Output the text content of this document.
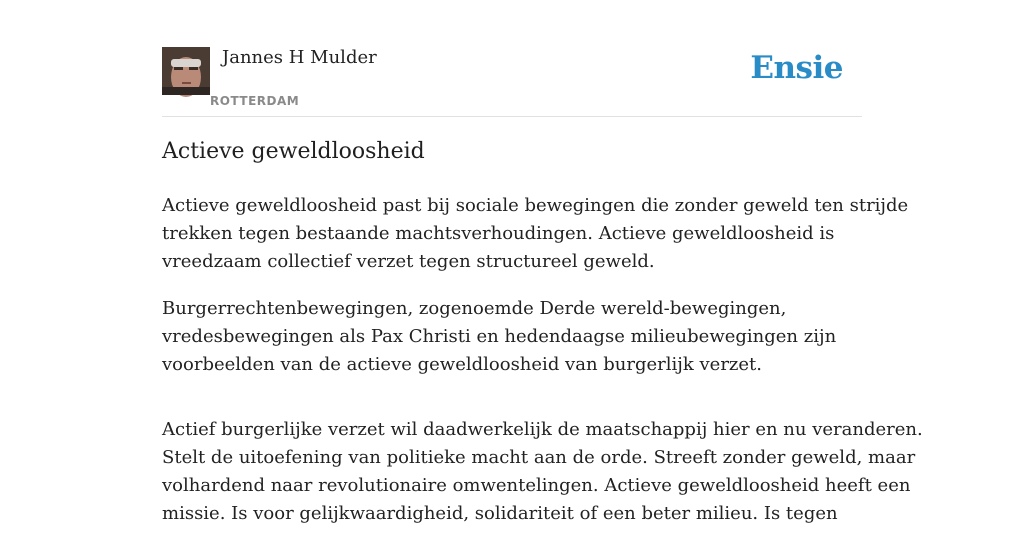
Jannes H Mulder
ROTTERDAM
Ensie
Actieve geweldloosheid

Actieve geweldloosheid past bij sociale bewegingen die zonder geweld ten strijde
trekken tegen bestaande machtsverhoudingen. Actieve geweldloosheid is
vreedzaam collectief verzet tegen structureel geweld.

Burgerrechtenbewegingen, zogenoemde Derde wereld-bewegingen,
vredesbewegingen als Pax Christi en hedendaagse milieubewegingen zijn
voorbeelden van de actieve geweldloosheid van burgerlijk verzet.

Actief burgerlijke verzet wil daadwerkelijk de maatschappij hier en nu veranderen.
Stelt de uitoefening van politieke macht aan de orde. Streeft zonder geweld, maar
volhardend naar revolutionaire omwentelingen. Actieve geweldloosheid heeft een
missie. Is voor gelijkwaardigheid, solidariteit of een beter milieu. Is tegen
